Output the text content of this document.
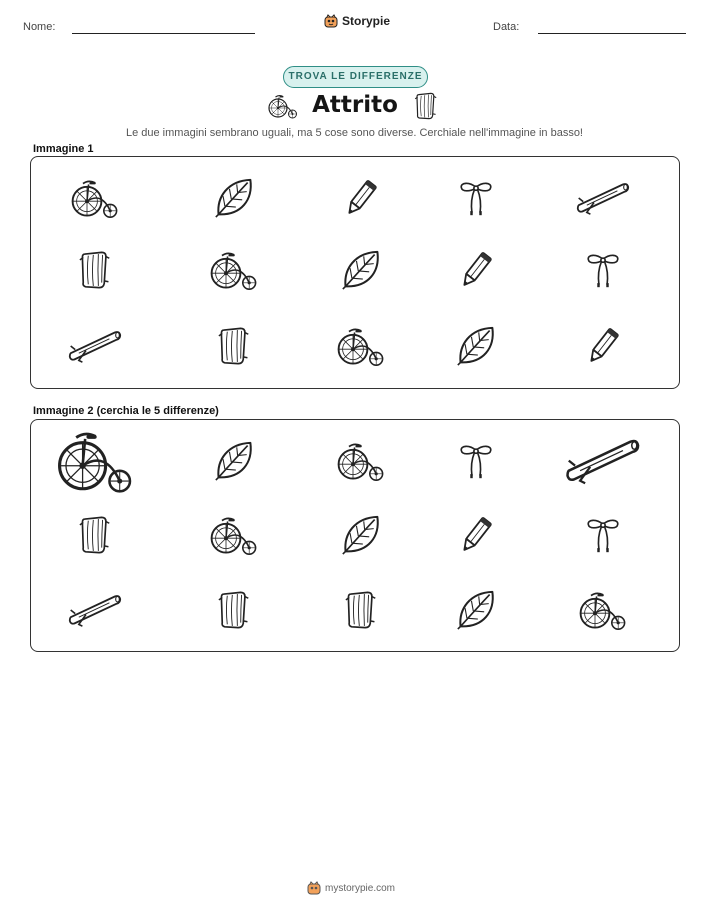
Nome:	Storypie	Data:
TROVA LE DIFFERENZE
Attrito
Le due immagini sembrano uguali, ma 5 cose sono diverse. Cerchiale nell'immagine in basso!
Immagine 1
Immagine 2 (cerchia le 5 differenze)
mystorypie.com
